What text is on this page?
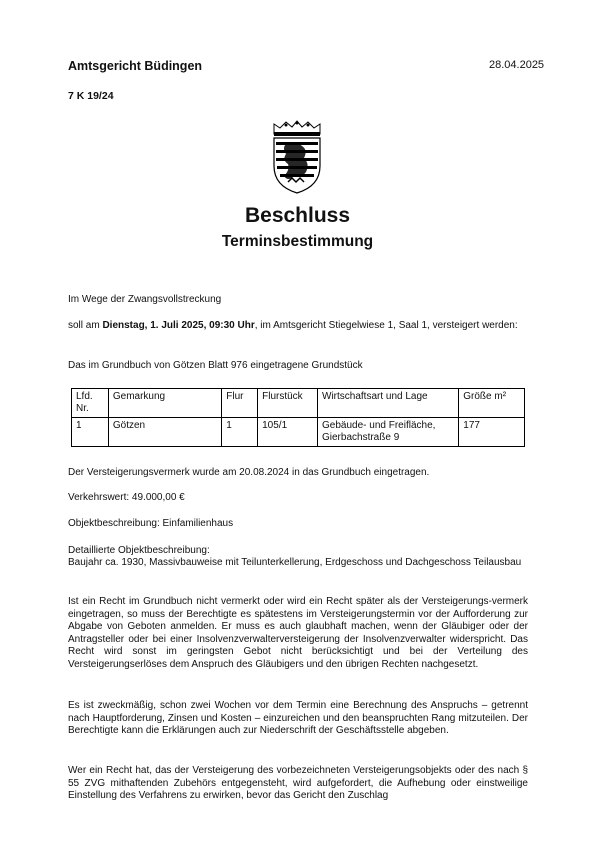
Amtsgericht Büdingen	28.04.2025
7 K 19/24
Beschluss
Terminsbestimmung
Im Wege der Zwangsvollstreckung
soll am Dienstag, 1. Juli 2025, 09:30 Uhr, im Amtsgericht Stiegelwiese 1, Saal 1, versteigert werden:
Das im Grundbuch von Götzen Blatt 976 eingetragene Grundstück
Lfd. Nr.	Gemarkung	Flur	Flurstück	Wirtschaftsart und Lage	Größe m²
1	Götzen	1	105/1	Gebäude- und Freifläche, Gierbachstraße 9	177
Der Versteigerungsvermerk wurde am 20.08.2024 in das Grundbuch eingetragen.
Verkehrswert: 49.000,00 €
Objektbeschreibung: Einfamilienhaus
Detaillierte Objektbeschreibung:
Baujahr ca. 1930, Massivbauweise mit Teilunterkellerung, Erdgeschoss und Dachgeschoss Teilausbau
Ist ein Recht im Grundbuch nicht vermerkt oder wird ein Recht später als der Versteigerungs-vermerk eingetragen, so muss der Berechtigte es spätestens im Versteigerungstermin vor der Aufforderung zur Abgabe von Geboten anmelden. Er muss es auch glaubhaft machen, wenn der Gläubiger oder der Antragsteller oder bei einer Insolvenzverwalterversteigerung der Insolvenzverwalter widerspricht. Das Recht wird sonst im geringsten Gebot nicht berücksichtigt und bei der Verteilung des Versteigerungserlöses dem Anspruch des Gläubigers und den übrigen Rechten nachgesetzt.
Es ist zweckmäßig, schon zwei Wochen vor dem Termin eine Berechnung des Anspruchs – getrennt nach Hauptforderung, Zinsen und Kosten – einzureichen und den beanspruchten Rang mitzuteilen. Der Berechtigte kann die Erklärungen auch zur Niederschrift der Geschäftsstelle abgeben.
Wer ein Recht hat, das der Versteigerung des vorbezeichneten Versteigerungsobjekts oder des nach § 55 ZVG mithaftenden Zubehörs entgegensteht, wird aufgefordert, die Aufhebung oder einstweilige Einstellung des Verfahrens zu erwirken, bevor das Gericht den Zuschlag
